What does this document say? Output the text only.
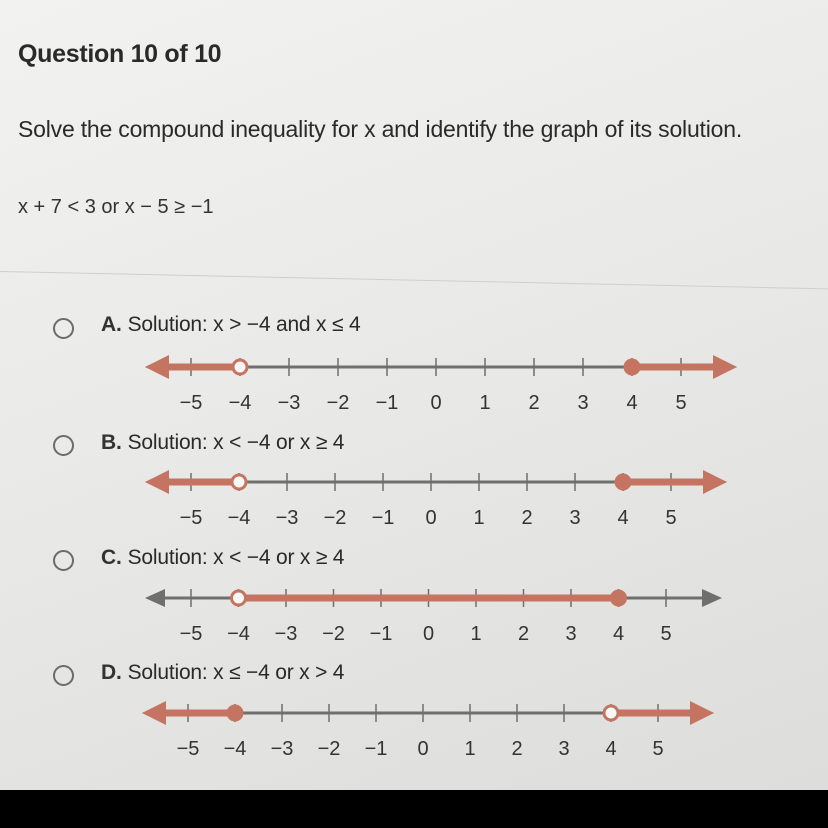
Question 10 of 10
Solve the compound inequality for x and identify the graph of its solution.
x + 7 < 3 or x − 5 ≥ −1
A. Solution: x > −4 and x ≤ 4
−5 −4 −3 −2 −1 0 1 2 3 4 5
B. Solution: x < −4 or x ≥ 4
−5 −4 −3 −2 −1 0 1 2 3 4 5
C. Solution: x < −4 or x ≥ 4
−5 −4 −3 −2 −1 0 1 2 3 4 5
D. Solution: x ≤ −4 or x > 4
−5 −4 −3 −2 −1 0 1 2 3 4 5
